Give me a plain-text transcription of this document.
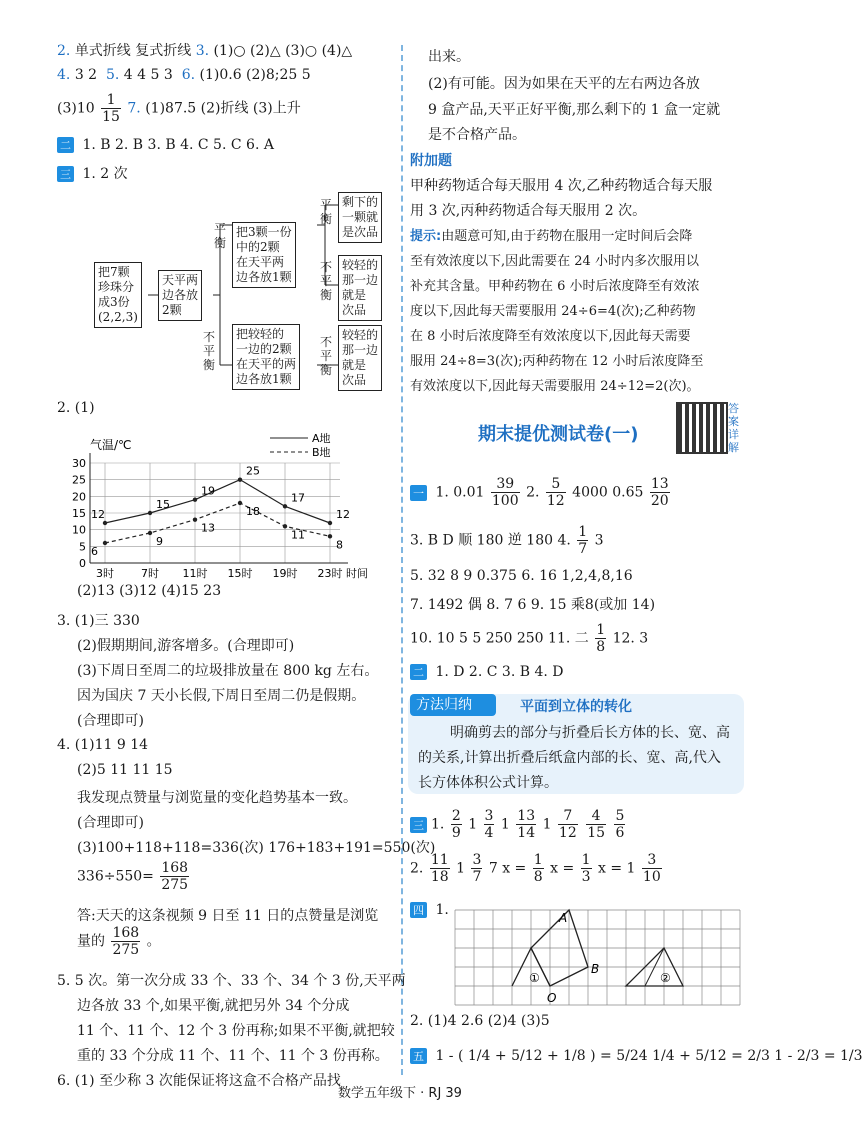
2. 单式折线 复式折线 3. (1)○ (2)△ (3)○ (4)△
4. 3 2 5. 4 4 5 3 6. (1)0.6 (2)8;25 5
$(3)10 \frac{1}{15} 7$. (1)87.5 (2)折线 (3)上升
二 1. B 2. B 3. B 4. C 5. C 6. A
三 1. 2 次
把7颗
珍珠分
成3份
(2,2,3)
天平两
边各放
2颗
平
衡
不
平
衡
把3颗一份
中的2颗
在天平两
边各放1颗
把较轻的
一边的2颗
在天平的两
边各放1颗
平
衡
不
平
衡
不
平
衡
剩下的
一颗就
是次品
较轻的
那一边
就是
次品
较轻的
那一边
就是
次品
2. (1)
0
5
10
15
20
25
30
3时 7时 11时 15时 19时 23时
气温/℃
时间
12
15
19
25
17
12
A地
6
9
13
18
11
8
B地
(2)13 (3)12 (4)15 23
3. (1)三 330
(2)假期期间,游客增多。(合理即可)
(3)下周日至周二的垃圾排放量在 800 kg 左右。
因为国庆 7 天小长假,下周日至周二仍是假期。
(合理即可)
4. (1)11 9 14
(2)5 11 11 15
我发现点赞量与浏览量的变化趋势基本一致。
(合理即可)
(3)100+118+118=336(次) 176+183+191=550(次)
$336\div 550= \frac{168}{275}$
答:天天的这条视频 9 日至 11 日的点赞量是浏览
量的 $\frac{168}{275}$ 。
5. 5 次。第一次分成 33 个、33 个、34 个 3 份,天平两
边各放 33 个,如果平衡,就把另外 34 个分成
11 个、11 个、12 个 3 份再称;如果不平衡,就把较
重的 33 个分成 11 个、11 个、11 个 3 份再称。
6. (1) 至少称 3 次能保证将这盒不合格产品找
出来。
(2)有可能。因为如果在天平的左右两边各放
9 盒产品,天平正好平衡,那么剩下的 1 盒一定就
是不合格产品。
附加题
甲种药物适合每天服用 4 次,乙种药物适合每天服
用 3 次,丙种药物适合每天服用 2 次。
提示:由题意可知,由于药物在服用一定时间后会降
至有效浓度以下,因此需要在 24 小时内多次服用以
补充其含量。甲种药物在 6 小时后浓度降至有效浓
度以下,因此每天需要服用 24÷6=4(次);乙种药物
在 8 小时后浓度降至有效浓度以下,因此每天需要
服用 24÷8=3(次);丙种药物在 12 小时后浓度降至
有效浓度以下,因此每天需要服用 24÷12=2(次)。
期末提优测试卷(一)
答案详解
一 1. $0.01 \frac{39}{100} 2$. $\frac{5}{12} 4000$ $0.65 \frac{13}{20}$
3. B D 顺 180 逆 180 4. $\frac{1}{7} 3$
5. 32 8 9 0.375 6. 16 1,2,4,8,16
7. 1492 偶 8. 7 6 9. 15 乘8(或加 14)
10. 10 5 5 250 250 11. 二 $\frac{1}{8} 12$. 3
二 1. D 2. C 3. B 4. D
方法归纳	平面到立体的转化
明确剪去的部分与折叠后长方体的长、宽、高
的关系,计算出折叠后纸盒内部的长、宽、高,代入
长方体体积公式计算。
三 1. $\frac{2}{9} 1 \frac{3}{4} 1 \frac{13}{14} 1 \frac{7}{12}$
$\frac{4}{15}$
$\frac{5}{6}$
2. $\frac{11}{18} 1 \frac{3}{7} 7$ $x = \frac{1}{8}$ $x = \frac{1}{3}$ $x = 1 \frac{3}{10}$
四 1.	A
B
O
①	②
2. (1)4 2.6 (2)4 (3)5
五 1 - ( 1/4 + 5/12 + 1/8 ) = 5/24 1/4 + 5/12 = 2/3 1 - 2/3 = 1/3
数学五年级下 · RJ 39
